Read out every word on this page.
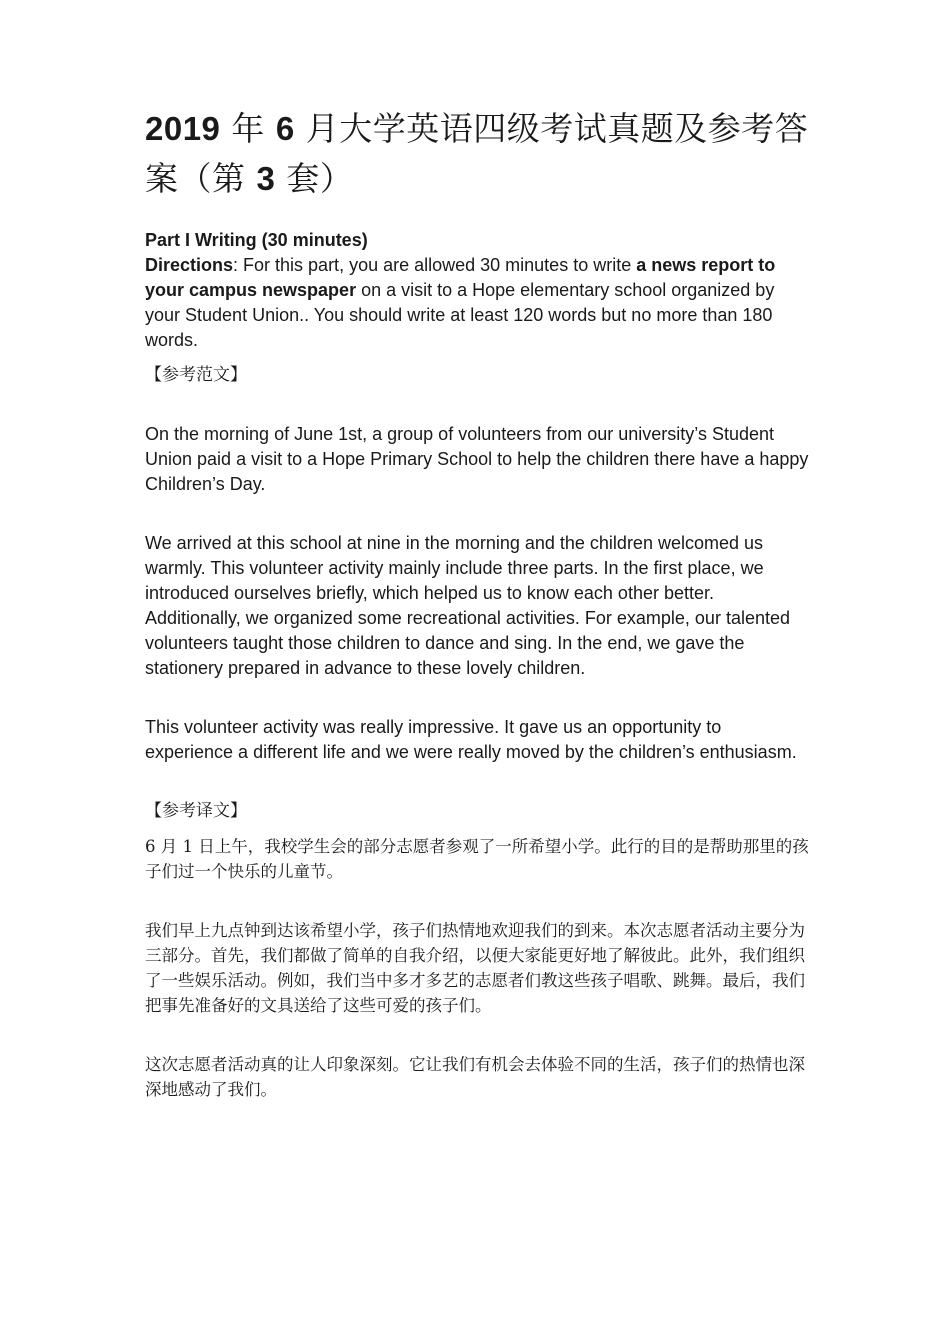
2019 年 6 月大学英语四级考试真题及参考答案（第 3 套）

Part I Writing (30 minutes)

Directions: For this part, you are allowed 30 minutes to write a news report to your campus newspaper on a visit to a Hope elementary school organized by your Student Union.. You should write at least 120 words but no more than 180 words.

【参考范文】

On the morning of June 1st, a group of volunteers from our university’s Student Union paid a visit to a Hope Primary School to help the children there have a happy Children’s Day.

We arrived at this school at nine in the morning and the children welcomed us warmly. This volunteer activity mainly include three parts. In the first place, we introduced ourselves briefly, which helped us to know each other better. Additionally, we organized some recreational activities. For example, our talented volunteers taught those children to dance and sing. In the end, we gave the stationery prepared in advance to these lovely children.

This volunteer activity was really impressive. It gave us an opportunity to experience a different life and we were really moved by the children’s enthusiasm.

【参考译文】

6 月 1 日上午，我校学生会的部分志愿者参观了一所希望小学。此行的目的是帮助那里的孩子们过一个快乐的儿童节。

我们早上九点钟到达该希望小学，孩子们热情地欢迎我们的到来。本次志愿者活动主要分为三部分。首先，我们都做了简单的自我介绍，以便大家能更好地了解彼此。此外，我们组织了一些娱乐活动。例如，我们当中多才多艺的志愿者们教这些孩子唱歌、跳舞。最后，我们把事先准备好的文具送给了这些可爱的孩子们。

这次志愿者活动真的让人印象深刻。它让我们有机会去体验不同的生活，孩子们的热情也深深地感动了我们。
